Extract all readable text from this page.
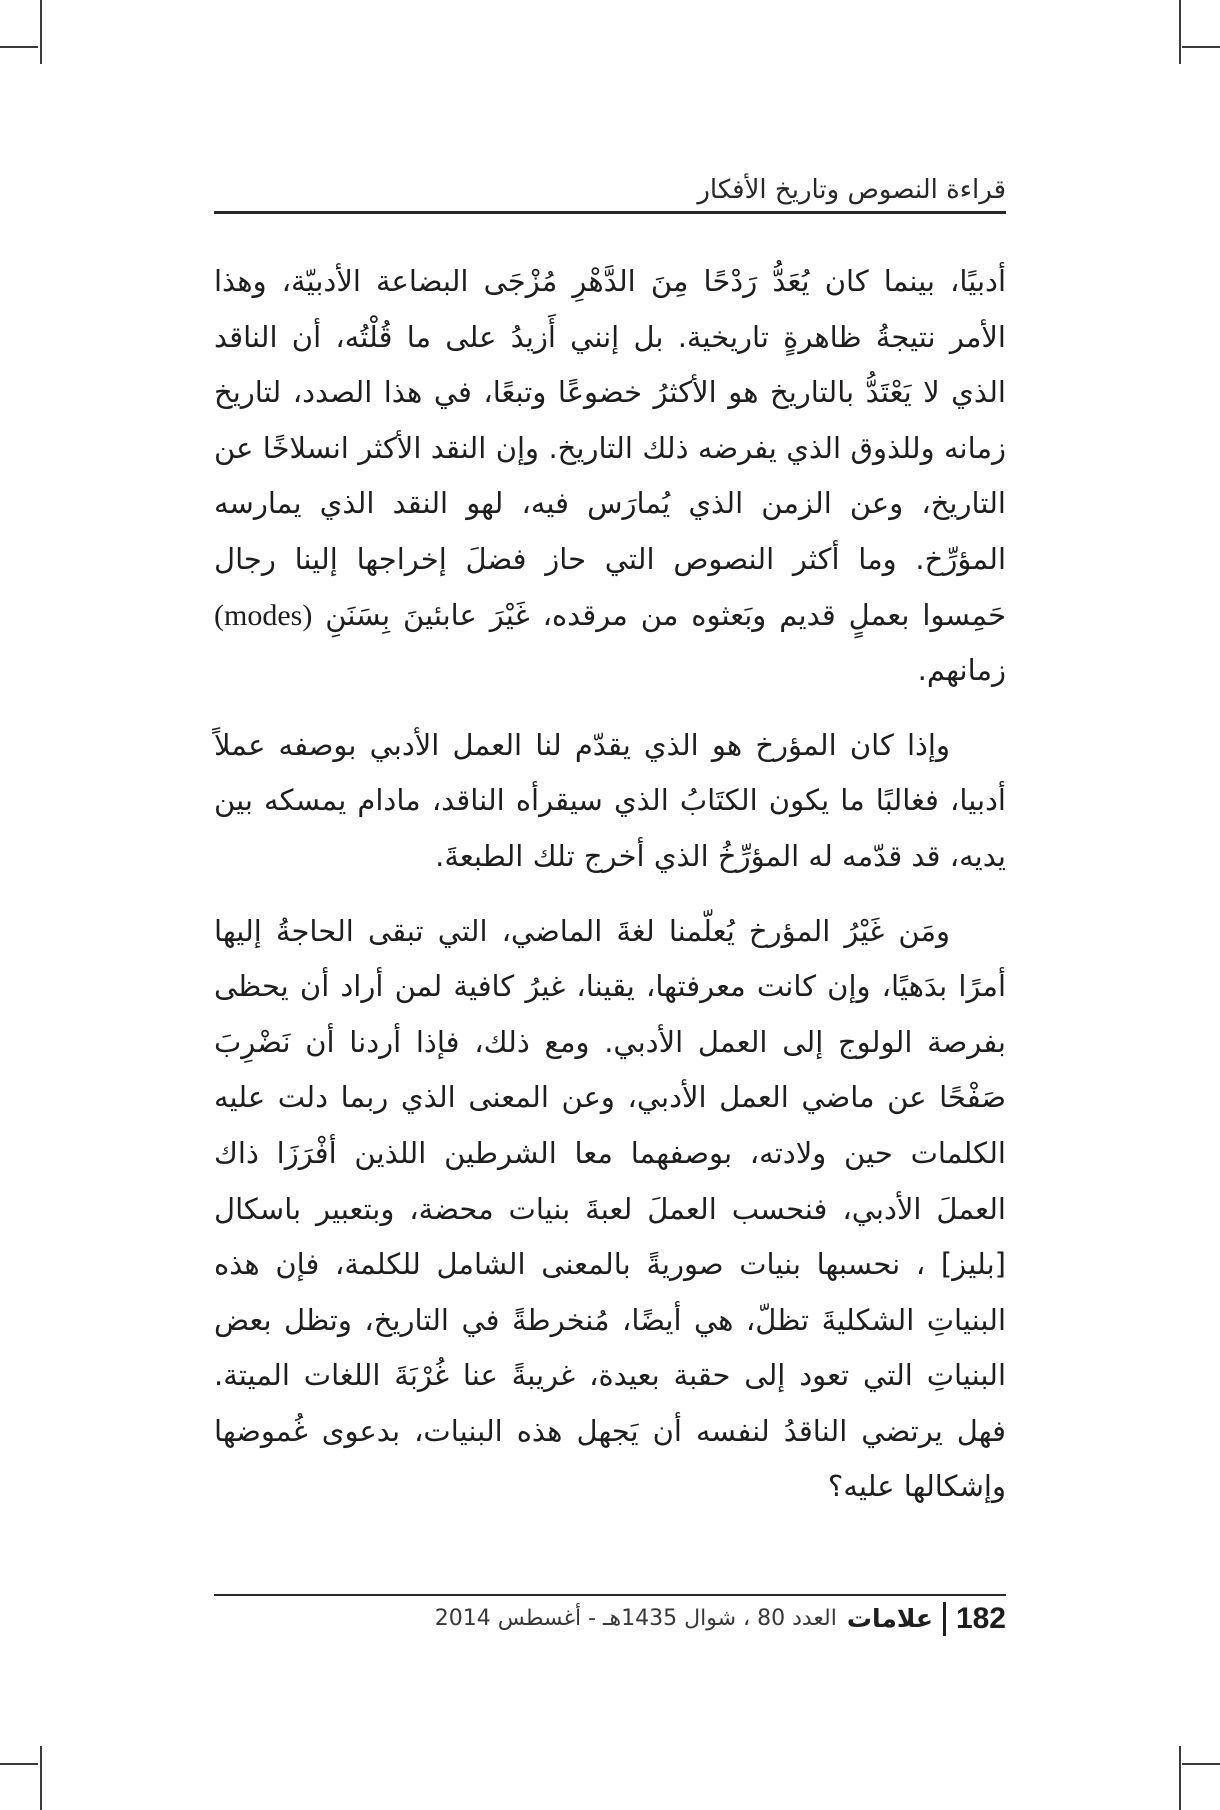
قراءة النصوص وتاريخ الأفكار

أدبيًا، بينما كان يُعَدُّ رَدْحًا مِنَ الدَّهْرِ مُزْجَى البضاعة الأدبيّة، وهذا الأمر نتيجةُ ظاهرةٍ تاريخية. بل إنني أَزيدُ على ما قُلْتُه، أن الناقد الذي لا يَعْتَدُّ بالتاريخ هو الأكثرُ خضوعًا وتبعًا، في هذا الصدد، لتاريخ زمانه وللذوق الذي يفرضه ذلك التاريخ. وإن النقد الأكثر انسلاخًا عن التاريخ، وعن الزمن الذي يُمارَس فيه، لهو النقد الذي يمارسه المؤرِّخ. وما أكثر النصوص التي حاز فضلَ إخراجها إلينا رجال حَمِسوا بعملٍ قديم وبَعثوه من مرقده، غَيْرَ عابئينَ بِسَنَنِ (modes) زمانهم.

وإذا كان المؤرخ هو الذي يقدّم لنا العمل الأدبي بوصفه عملاً أدبيا، فغالبًا ما يكون الكتَابُ الذي سيقرأه الناقد، مادام يمسكه بين يديه، قد قدّمه له المؤرِّخُ الذي أخرج تلك الطبعةَ.

ومَن غَيْرُ المؤرخ يُعلّمنا لغةَ الماضي، التي تبقى الحاجةُ إليها أمرًا بدَهيًا، وإن كانت معرفتها، يقينا، غيرُ كافية لمن أراد أن يحظى بفرصة الولوج إلى العمل الأدبي. ومع ذلك، فإذا أردنا أن نَضْرِبَ صَفْحًا عن ماضي العمل الأدبي، وعن المعنى الذي ربما دلت عليه الكلمات حين ولادته، بوصفهما معا الشرطين اللذين أفْرَزَا ذاك العملَ الأدبي، فنحسب العملَ لعبةَ بنيات محضة، وبتعبير باسكال [بليز] ، نحسبها بنيات صوريةً بالمعنى الشامل للكلمة، فإن هذه البنياتِ الشكليةَ تظلّ، هي أيضًا، مُنخرطةً في التاريخ، وتظل بعض البنياتِ التي تعود إلى حقبة بعيدة، غريبةً عنا غُرْبَةَ اللغات الميتة. فهل يرتضي الناقدُ لنفسه أن يَجهل هذه البنيات، بدعوى غُموضها وإشكالها عليه؟

182
علامات
العدد 80 ، شوال 1435هـ - أغسطس 2014
